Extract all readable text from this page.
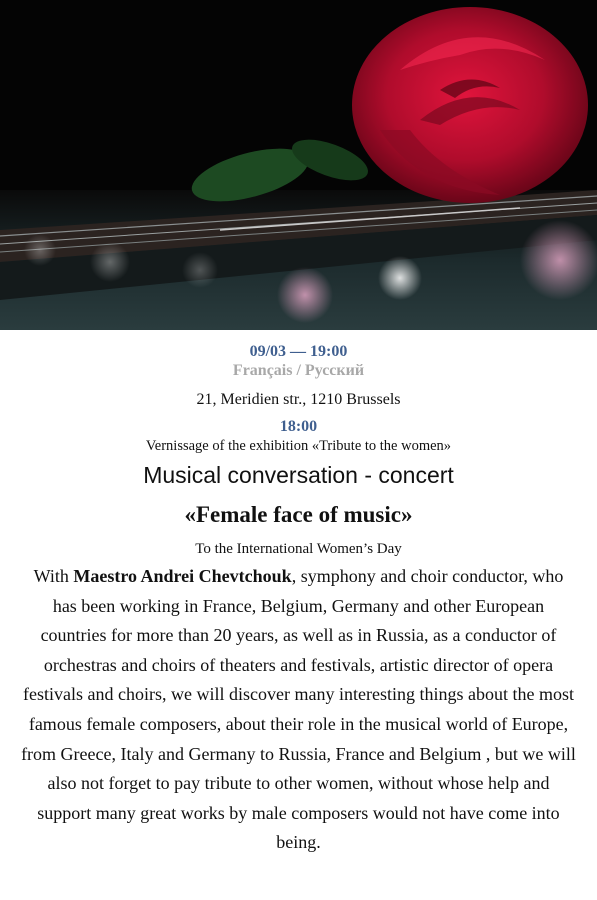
09/03 — 19:00
Français / Русский
21, Meridien str., 1210 Brussels
18:00
Vernissage of the exhibition «Tribute to the women»
Musical conversation - concert
«Female face of music»
To the International Women’s Day
With Maestro Andrei Chevtchouk, symphony and choir conductor, who has been working in France, Belgium, Germany and other European countries for more than 20 years, as well as in Russia, as a conductor of orchestras and choirs of theaters and festivals, artistic director of opera festivals and choirs, we will discover many interesting things about the most famous female composers, about their role in the musical world of Europe, from Greece, Italy and Germany to Russia, France and Belgium , but we will also not forget to pay tribute to other women, without whose help and support many great works by male composers would not have come into being.
